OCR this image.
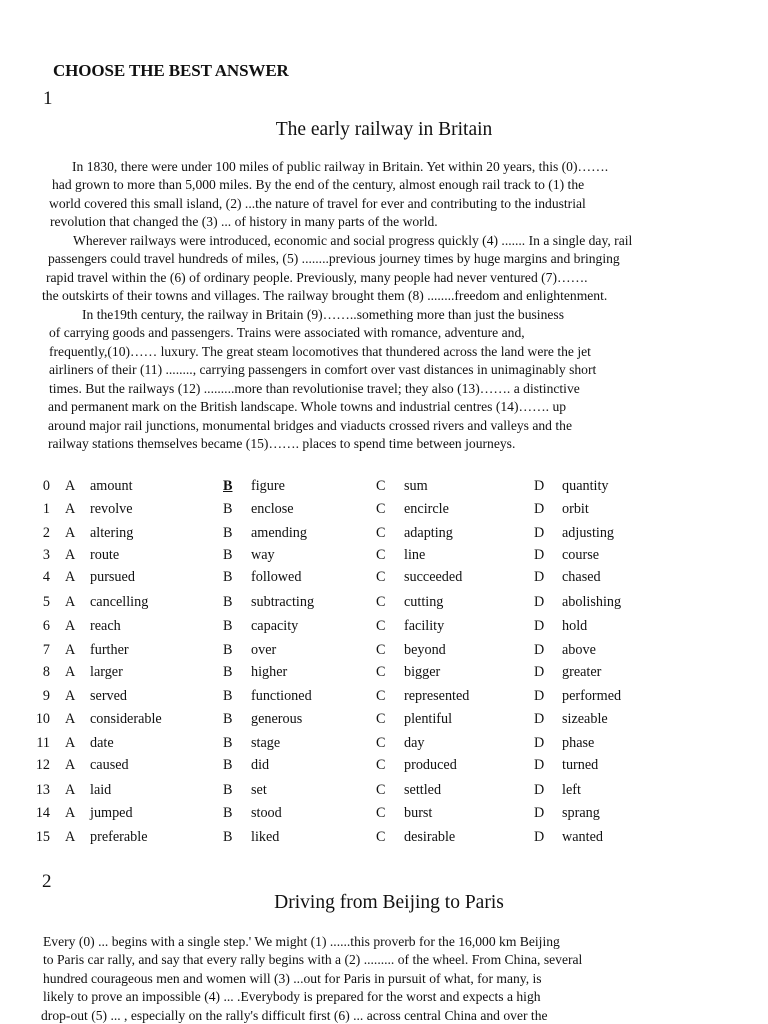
CHOOSE THE BEST ANSWER
1
The early railway in Britain
In 1830, there were under 100 miles of public railway in Britain. Yet within 20 years, this (0)…….
had grown to more than 5,000 miles. By the end of the century, almost enough rail track to (1) the
world covered this small island, (2) ...the nature of travel for ever and contributing to the industrial
revolution that changed the (3) ... of history in many parts of the world.
Wherever railways were introduced, economic and social progress quickly (4) ....... In a single day, rail
passengers could travel hundreds of miles, (5) ........previous journey times by huge margins and bringing
rapid travel within the (6) of ordinary people. Previously, many people had never ventured (7)…….
the outskirts of their towns and villages. The railway brought them (8) ........freedom and enlightenment.
In the19th century, the railway in Britain (9)……..something more than just the business
of carrying goods and passengers. Trains were associated with romance, adventure and,
frequently,(10)…… luxury. The great steam locomotives that thundered across the land were the jet
airliners of their (11) ........, carrying passengers in comfort over vast distances in unimaginably short
times. But the railways (12) .........more than revolutionise travel; they also (13)……. a distinctive
and permanent mark on the British landscape. Whole towns and industrial centres (14)……. up
around major rail junctions, monumental bridges and viaducts crossed rivers and valleys and the
railway stations themselves became (15)……. places to spend time between journeys.
0 A amount	B figure	C sum	D quantity
1 A revolve	B enclose	C encircle	D orbit
2 A altering	B amending	C adapting	D adjusting
3 A route	B way	C line	D course
4 A pursued	B followed	C succeeded	D chased
5 A cancelling	B subtracting	C cutting	D abolishing
6 A reach	B capacity	C facility	D hold
7 A further	B over	C beyond	D above
8 A larger	B higher	C bigger	D greater
9 A served	B functioned	C represented	D performed
10 A considerable	B generous	C plentiful	D sizeable
11 A date	B stage	C day	D phase
12 A caused	B did	C produced	D turned
13 A laid	B set	C settled	D left
14 A jumped	B stood	C burst	D sprang
15 A preferable	B liked	C desirable	D wanted
2
Driving from Beijing to Paris
Every (0) ... begins with a single step.' We might (1) ......this proverb for the 16,000 km Beijing
to Paris car rally, and say that every rally begins with a (2) ......... of the wheel. From China, several
hundred courageous men and women will (3) ...out for Paris in pursuit of what, for many, is
likely to prove an impossible (4) ... .Everybody is prepared for the worst and expects a high
drop-out (5) ... , especially on the rally's difficult first (6) ... across central China and over the
